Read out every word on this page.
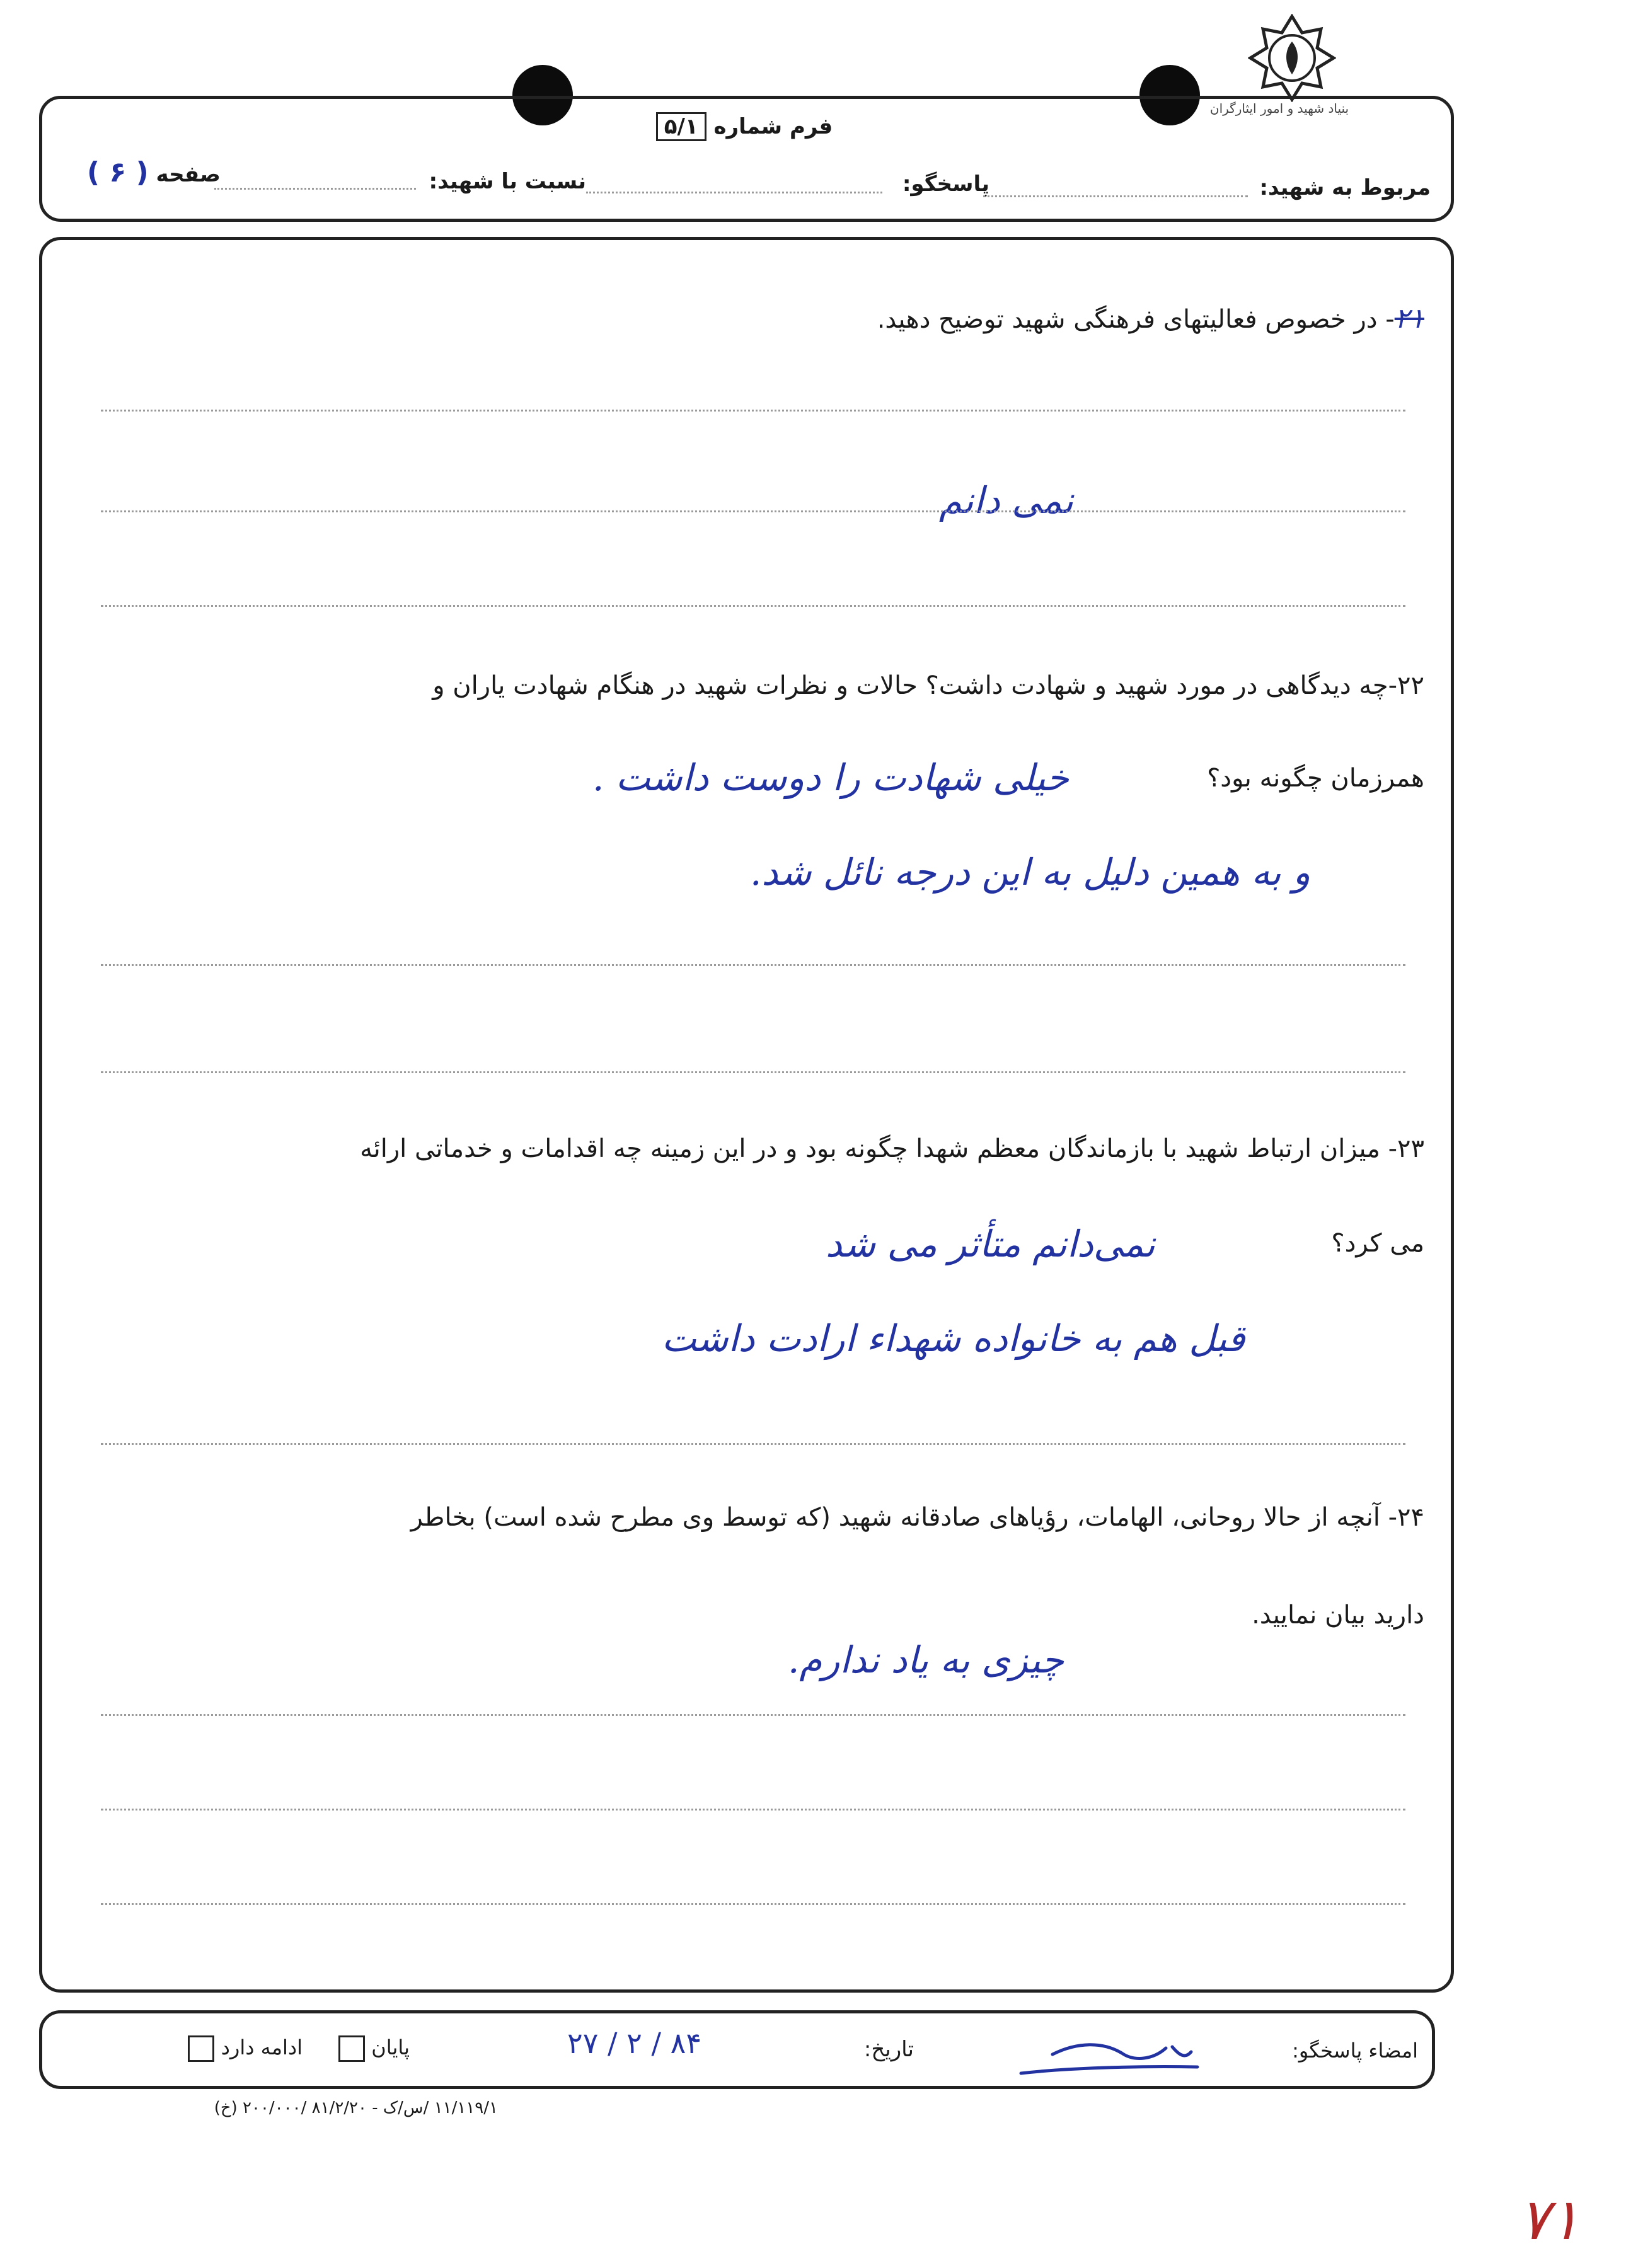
بنیاد شهید و امور ایثارگران
فرم شماره ۵/۱
مربوط به شهید:
پاسخگو:
نسبت با شهید:
صفحه ( ۶ )
۲۱- در خصوص فعالیتهای فرهنگی شهید توضیح دهید.
نمی دانم
۲۲-چه دیدگاهی در مورد شهید و شهادت داشت؟ حالات و نظرات شهید در هنگام شهادت یاران و
همرزمان چگونه بود؟
خیلی شهادت را دوست داشت .
و به همین دلیل به این درجه نائل شد.
۲۳- میزان ارتباط شهید با بازماندگان معظم شهدا چگونه بود و در این زمینه چه اقدامات و خدماتی ارائه
می کرد؟
نمی‌دانم متأثر می شد
قبل هم به خانواده شهداء ارادت داشت
۲۴- آنچه از حالا روحانی، الهامات، رؤیاهای صادقانه شهید (که توسط وی مطرح شده است) بخاطر
دارید بیان نمایید.
چیزی به یاد ندارم.
امضاء پاسخگو:
تاریخ:
۸۴ / ۲ / ۲۷
پایان
ادامه دارد
۱۱/۱۱۹/۱ /س/ک - ۸۱/۲/۲۰ /۲۰۰/۰۰۰ (خ)
۷۱
